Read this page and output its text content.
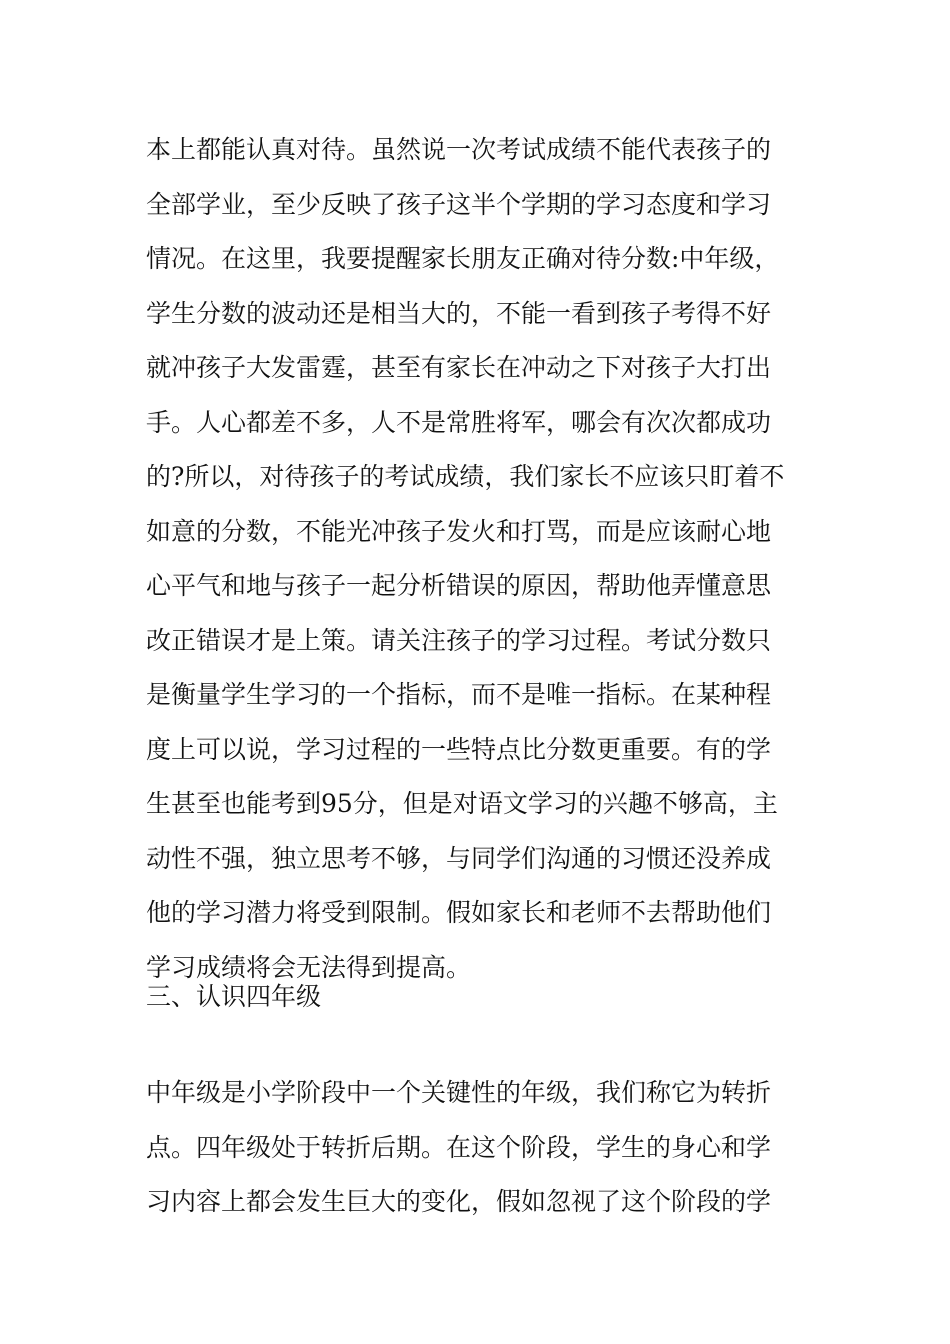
本上都能认真对待。虽然说一次考试成绩不能代表孩子的
全部学业，至少反映了孩子这半个学期的学习态度和学习
情况。在这里，我要提醒家长朋友正确对待分数:中年级，
学生分数的波动还是相当大的，不能一看到孩子考得不好
就冲孩子大发雷霆，甚至有家长在冲动之下对孩子大打出
手。人心都差不多，人不是常胜将军，哪会有次次都成功
的?所以，对待孩子的考试成绩，我们家长不应该只盯着不
如意的分数，不能光冲孩子发火和打骂，而是应该耐心地
心平气和地与孩子一起分析错误的原因，帮助他弄懂意思
改正错误才是上策。请关注孩子的学习过程。考试分数只
是衡量学生学习的一个指标，而不是唯一指标。在某种程
度上可以说，学习过程的一些特点比分数更重要。有的学
生甚至也能考到95分，但是对语文学习的兴趣不够高，主
动性不强，独立思考不够，与同学们沟通的习惯还没养成
他的学习潜力将受到限制。假如家长和老师不去帮助他们
学习成绩将会无法得到提高。
三、认识四年级
中年级是小学阶段中一个关键性的年级，我们称它为转折
点。四年级处于转折后期。在这个阶段，学生的身心和学
习内容上都会发生巨大的变化，假如忽视了这个阶段的学
